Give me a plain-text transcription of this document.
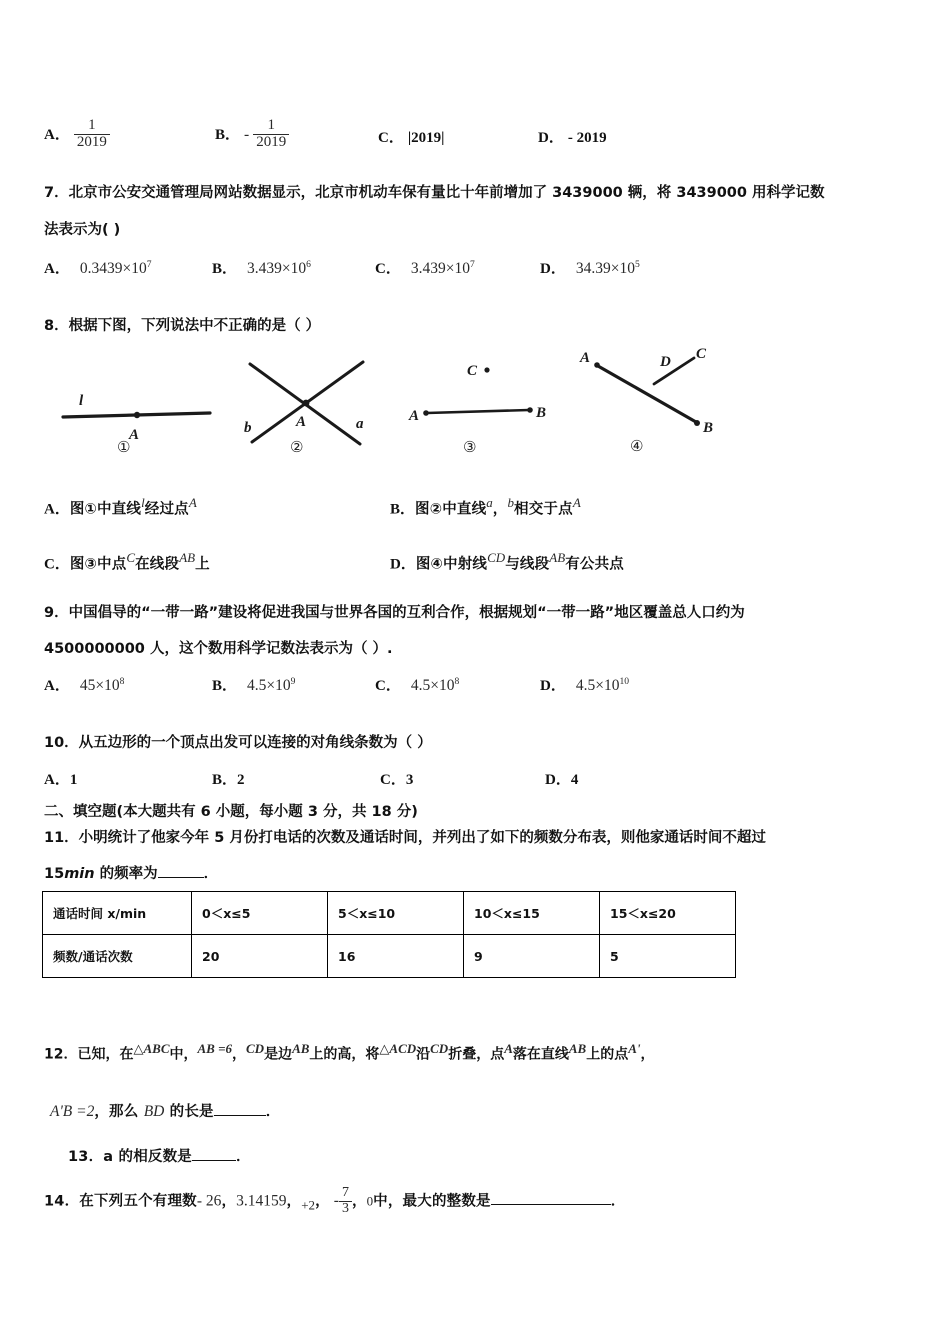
A． $\frac{1}{2019}$	B． - $\frac{1}{2019}$	C． |2019|	D． - 2019
7．北京市公安交通管理局网站数据显示，北京市机动车保有量比十年前增加了 3439000 辆，将 3439000 用科学记数
法表示为( )
A． $0.3439\times 10^7$	B． $3.439\times 10^6$	C． $3.439\times 10^7$	D． $34.39\times 10^5$
8．根据下图，下列说法中不正确的是（ ）
l
A
①
b	A	a
②
C
A	B
③
A	D C
B
④
A．图①中直线$^l$经过点$^A$	B．图②中直线$^a$，$^b$相交于点$^A$
C．图③中点$^C$在线段$^{AB}$上	D．图④中射线$^{CD}$与线段$^{AB}$有公共点
9．中国倡导的“一带一路”建设将促进我国与世界各国的互利合作，根据规划“一带一路”地区覆盖总人口约为
4500000000 人，这个数用科学记数法表示为（ ）.
A． $45\times 10^8$	B． $4.5\times 10^9$	C． $4.5\times 10^8$	D． $4.5\times 10^{10}$
10．从五边形的一个顶点出发可以连接的对角线条数为（ ）
A．1	B．2	C．3	D．4
二、填空题(本大题共有 6 小题，每小题 3 分，共 18 分)
11．小明统计了他家今年 5 月份打电话的次数及通话时间，并列出了如下的频数分布表，则他家通话时间不超过
15min 的频率为	．
通话时间 x/min	0＜x≤5	5＜x≤10	10＜x≤15	15＜x≤20
频数/通话次数	20	16	9	5
12．已知，在△ABC中，AB =6，CD是边AB上的高，将△ACD沿CD折叠，点A落在直线AB上的点A'，
A'B =2，那么 BD 的长是	．
13．a 的相反数是	．
14．在下列五个有理数- 26，3.14159，$_{+2}$， - $\frac{7}{3}$ ，0中，最大的整数是	．
